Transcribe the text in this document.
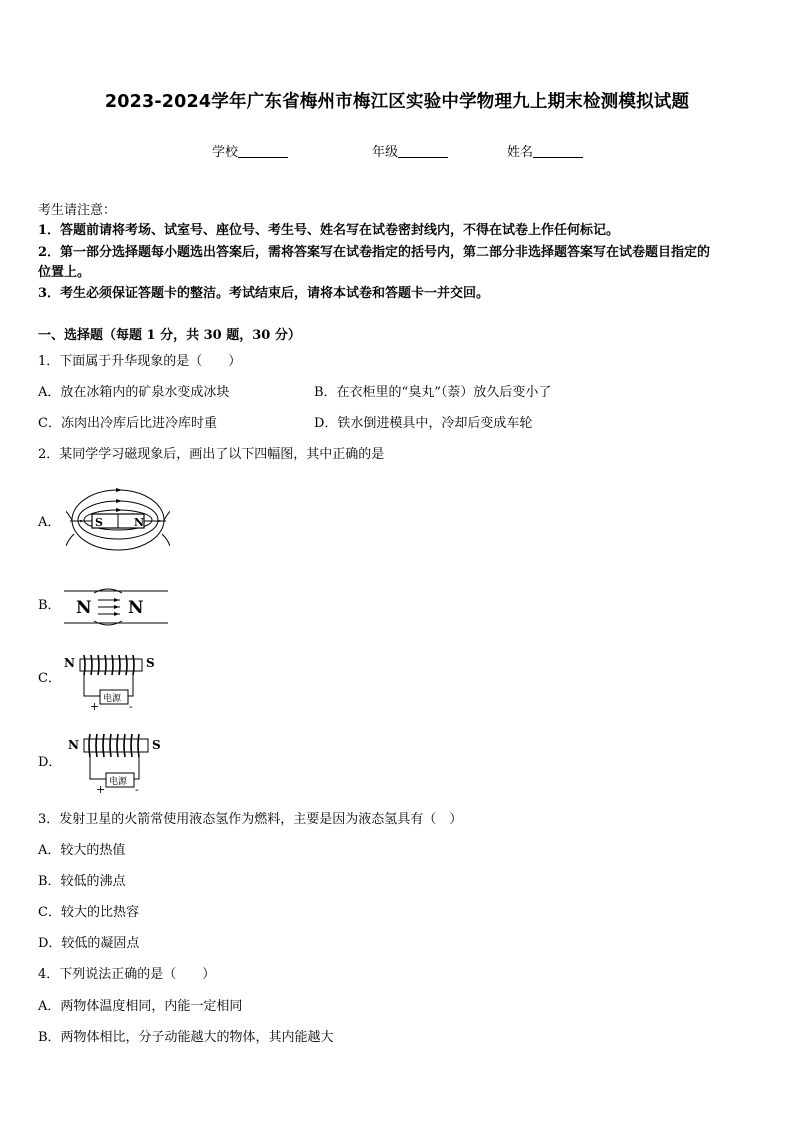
2023-2024学年广东省梅州市梅江区实验中学物理九上期末检测模拟试题
学校	年级	姓名
考生请注意：
1．答题前请将考场、试室号、座位号、考生号、姓名写在试卷密封线内，不得在试卷上作任何标记。
2．第一部分选择题每小题选出答案后，需将答案写在试卷指定的括号内，第二部分非选择题答案写在试卷题目指定的
位置上。
3．考生必须保证答题卡的整洁。考试结束后，请将本试卷和答题卡一并交回。
一、选择题（每题 1 分，共 30 题，30 分）
1．下面属于升华现象的是（　　）
A．放在冰箱内的矿泉水变成冰块	B．在衣柜里的“臭丸”（萘）放久后变小了
C．冻肉出冷库后比进冷库时重	D．铁水倒进模具中，冷却后变成车轮
2．某同学学习磁现象后，画出了以下四幅图，其中正确的是
A．	S	N
B． N N
C．
N	S
电源
+	-
D．
N	S
电源
+	-
3．发射卫星的火箭常使用液态氢作为燃料，主要是因为液态氢具有（　）
A．较大的热值
B．较低的沸点
C．较大的比热容
D．较低的凝固点
4．下列说法正确的是（　　）
A．两物体温度相同，内能一定相同
B．两物体相比，分子动能越大的物体，其内能越大
